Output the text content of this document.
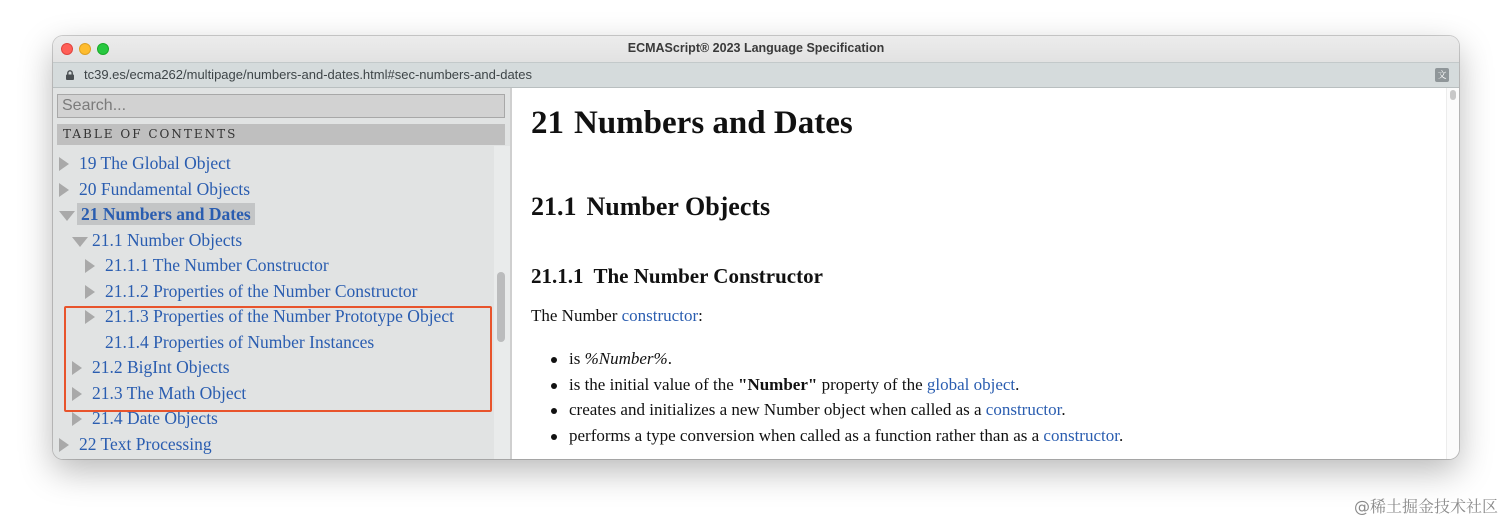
ECMAScript® 2023 Language Specification
tc39.es/ecma262/multipage/numbers-and-dates.html#sec-numbers-and-dates	文
Search...
TABLE OF CONTENTS
19 The Global Object
20 Fundamental Objects
21 Numbers and Dates
21.1 Number Objects
21.1.1 The Number Constructor
21.1.2 Properties of the Number Constructor
21.1.3 Properties of the Number Prototype Object
21.1.4 Properties of Number Instances
21.2 BigInt Objects
21.3 The Math Object
21.4 Date Objects
22 Text Processing
21 Numbers and Dates
21.1 Number Objects
21.1.1 The Number Constructor
The Number constructor:
is %Number%.
is the initial value of the "Number" property of the global object.
creates and initializes a new Number object when called as a constructor.
performs a type conversion when called as a function rather than as a constructor.
@稀土掘金技术社区
